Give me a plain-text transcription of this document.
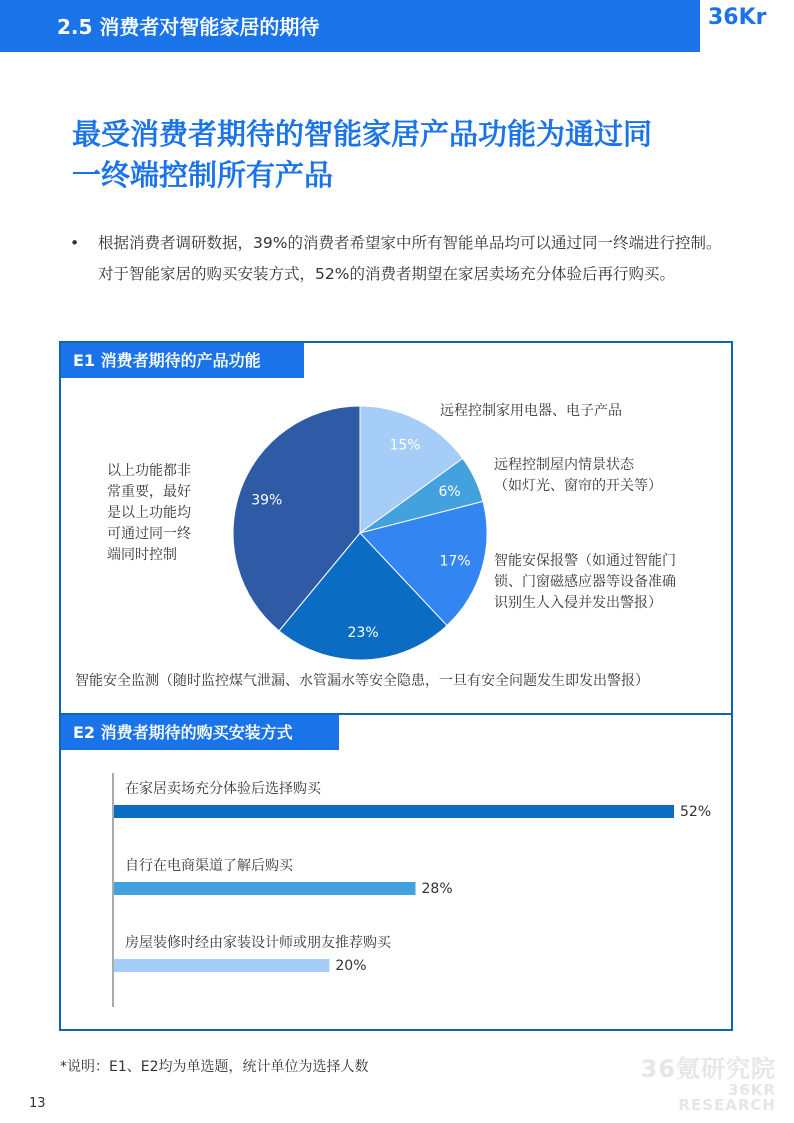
2.5 消费者对智能家居的期待	36Kr
最受消费者期待的智能家居产品功能为通过同
一终端控制所有产品
• 根据消费者调研数据，39%的消费者希望家中所有智能单品均可以通过同一终端进行控制。对于智能家居的购买安装方式，52%的消费者期望在家居卖场充分体验后再行购买。
E1 消费者期待的产品功能
15%
6%
17%
23%
39%
远程控制家用电器、电子产品
远程控制屋内情景状态
（如灯光、窗帘的开关等）
智能安保报警（如通过智能门
锁、门窗磁感应器等设备准确
识别生人入侵并发出警报）
智能安全监测（随时监控煤气泄漏、水管漏水等安全隐患，一旦有安全问题发生即发出警报）
以上功能都非
常重要，最好
是以上功能均
可通过同一终
端同时控制
E2 消费者期待的购买安装方式
在家居卖场充分体验后选择购买
自行在电商渠道了解后购买
房屋装修时经由家装设计师或朋友推荐购买
52%
28%
20%
*说明：E1、E2均为单选题，统计单位为选择人数
13
36氪研究院
36KR RESEARCH
